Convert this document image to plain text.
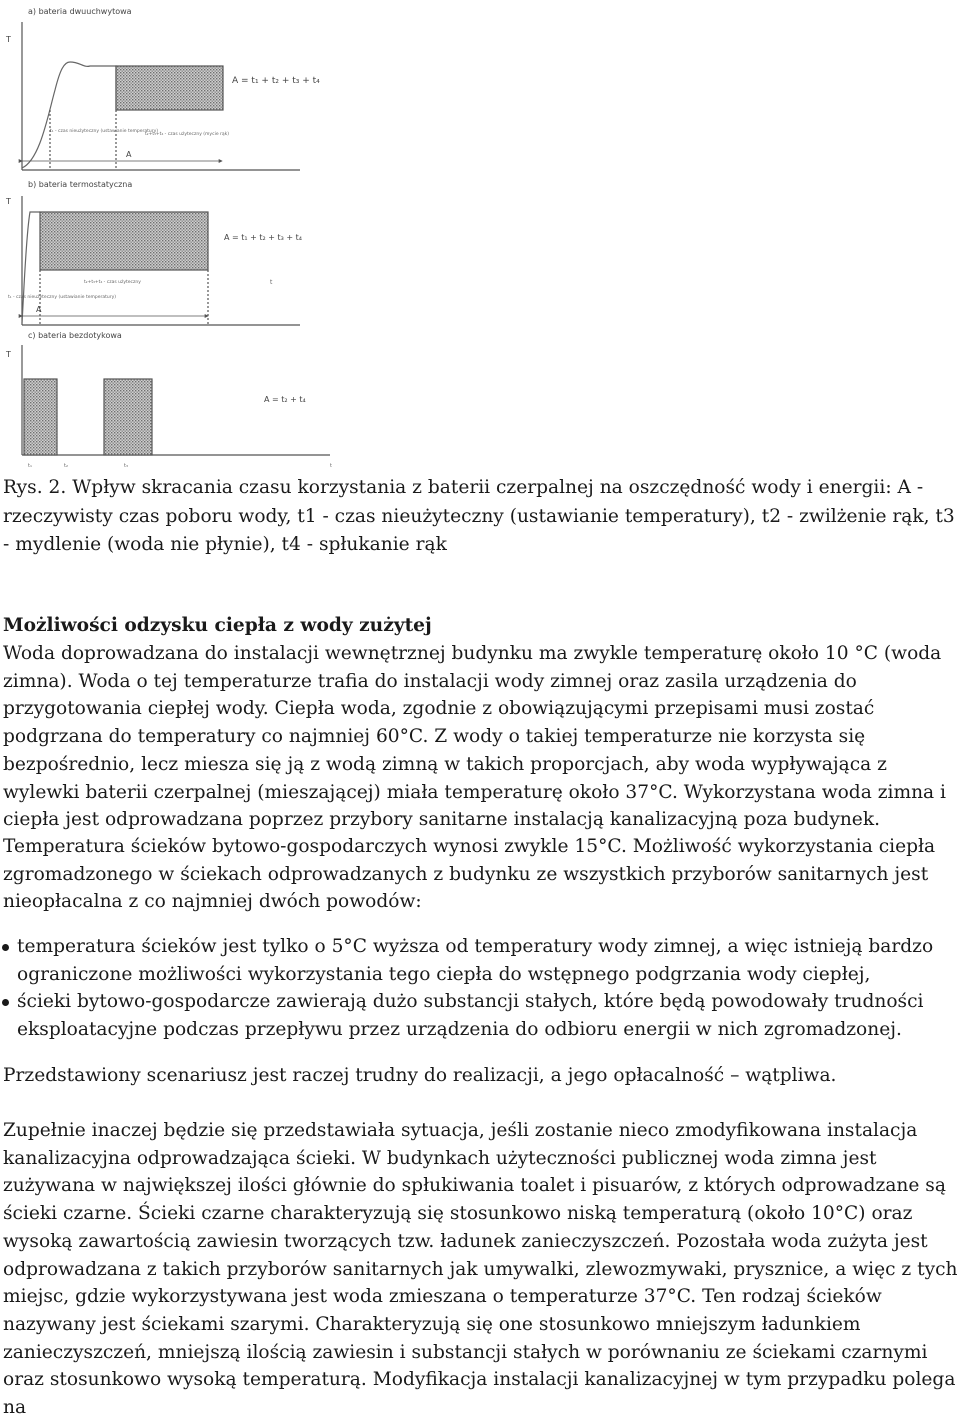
a) bateria dwuuchwytowa
T
A = t₁ + t₂ + t₃ + t₄
t₁ - czas nieużyteczny (ustawianie temperatury)
t₂+t₃+t₄ - czas użyteczny (mycie rąk)
A
b) bateria termostatyczna
T
A = t₁ + t₂ + t₃ + t₄
t
t₁ - czas nieużyteczny (ustawianie temperatury)
t₂+t₃+t₄ - czas użyteczny
A
c) bateria bezdotykowa
T
A = t₂ + t₄
t₁	t₂	t₃	t

Rys. 2. Wpływ skracania czasu korzystania z baterii czerpalnej na oszczędność wody i energii: A - rzeczywisty czas poboru wody, t1 - czas nieużyteczny (ustawianie temperatury), t2 - zwilżenie rąk, t3 - mydlenie (woda nie płynie), t4 - spłukanie rąk

Możliwości odzysku ciepła z wody zużytej

Woda doprowadzana do instalacji wewnętrznej budynku ma zwykle temperaturę około 10 °C (woda zimna). Woda o tej temperaturze trafia do instalacji wody zimnej oraz zasila urządzenia do przygotowania ciepłej wody. Ciepła woda, zgodnie z obowiązującymi przepisami musi zostać podgrzana do temperatury co najmniej 60°C. Z wody o takiej temperaturze nie korzysta się bezpośrednio, lecz miesza się ją z wodą zimną w takich proporcjach, aby woda wypływająca z wylewki baterii czerpalnej (mieszającej) miała temperaturę około 37°C. Wykorzystana woda zimna i ciepła jest odprowadzana poprzez przybory sanitarne instalacją kanalizacyjną poza budynek.

Temperatura ścieków bytowo-gospodarczych wynosi zwykle 15°C. Możliwość wykorzystania ciepła zgromadzonego w ściekach odprowadzanych z budynku ze wszystkich przyborów sanitarnych jest nieopłacalna z co najmniej dwóch powodów:

temperatura ścieków jest tylko o 5°C wyższa od temperatury wody zimnej, a więc istnieją bardzo ograniczone możliwości wykorzystania tego ciepła do wstępnego podgrzania wody ciepłej,
ścieki bytowo-gospodarcze zawierają dużo substancji stałych, które będą powodowały trudności eksploatacyjne podczas przepływu przez urządzenia do odbioru energii w nich zgromadzonej.

Przedstawiony scenariusz jest raczej trudny do realizacji, a jego opłacalność – wątpliwa.

Zupełnie inaczej będzie się przedstawiała sytuacja, jeśli zostanie nieco zmodyfikowana instalacja kanalizacyjna odprowadzająca ścieki. W budynkach użyteczności publicznej woda zimna jest zużywana w największej ilości głównie do spłukiwania toalet i pisuarów, z których odprowadzane są ścieki czarne. Ścieki czarne charakteryzują się stosunkowo niską temperaturą (około 10°C) oraz wysoką zawartością zawiesin tworzących tzw. ładunek zanieczyszczeń. Pozostała woda zużyta jest odprowadzana z takich przyborów sanitarnych jak umywalki, zlewozmywaki, prysznice, a więc z tych miejsc, gdzie wykorzystywana jest woda zmieszana o temperaturze 37°C. Ten rodzaj ścieków nazywany jest ściekami szarymi. Charakteryzują się one stosunkowo mniejszym ładunkiem zanieczyszczeń, mniejszą ilością zawiesin i substancji stałych w porównaniu ze ściekami czarnymi oraz stosunkowo wysoką temperaturą. Modyfikacja instalacji kanalizacyjnej w tym przypadku polega na
